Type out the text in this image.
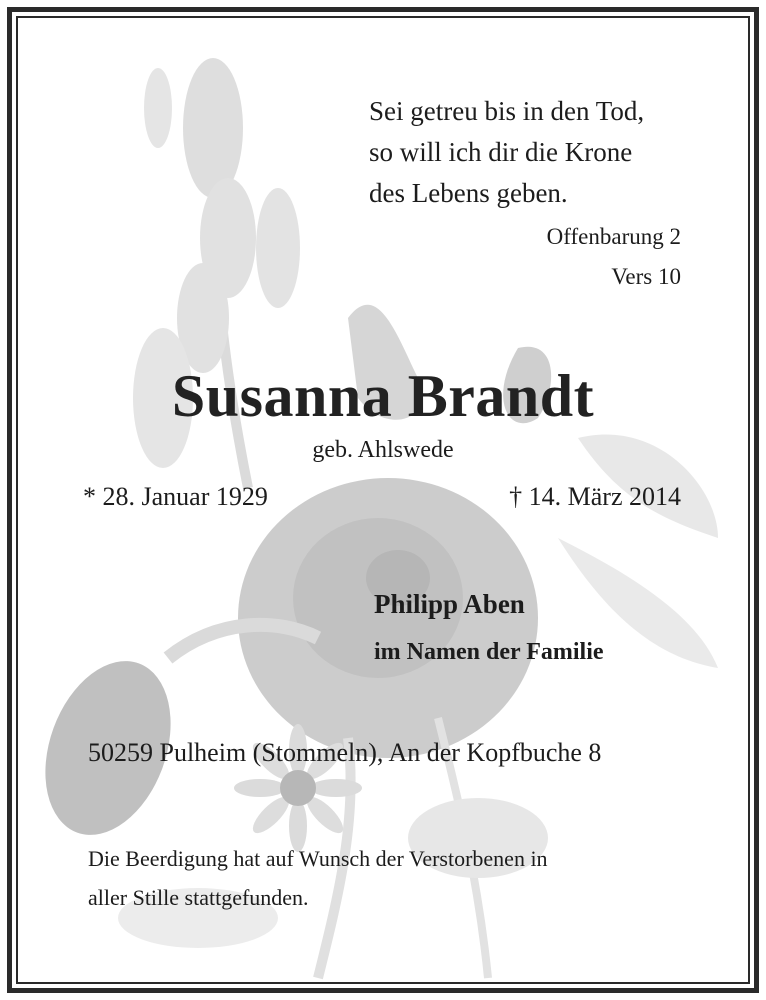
Sei getreu bis in den Tod,
so will ich dir die Krone
des Lebens geben.
Offenbarung 2
Vers 10
Susanna Brandt
geb. Ahlswede
* 28. Januar 1929	† 14. März 2014
Philipp Aben
im Namen der Familie
50259 Pulheim (Stommeln), An der Kopfbuche 8
Die Beerdigung hat auf Wunsch der Verstorbenen in
aller Stille stattgefunden.
